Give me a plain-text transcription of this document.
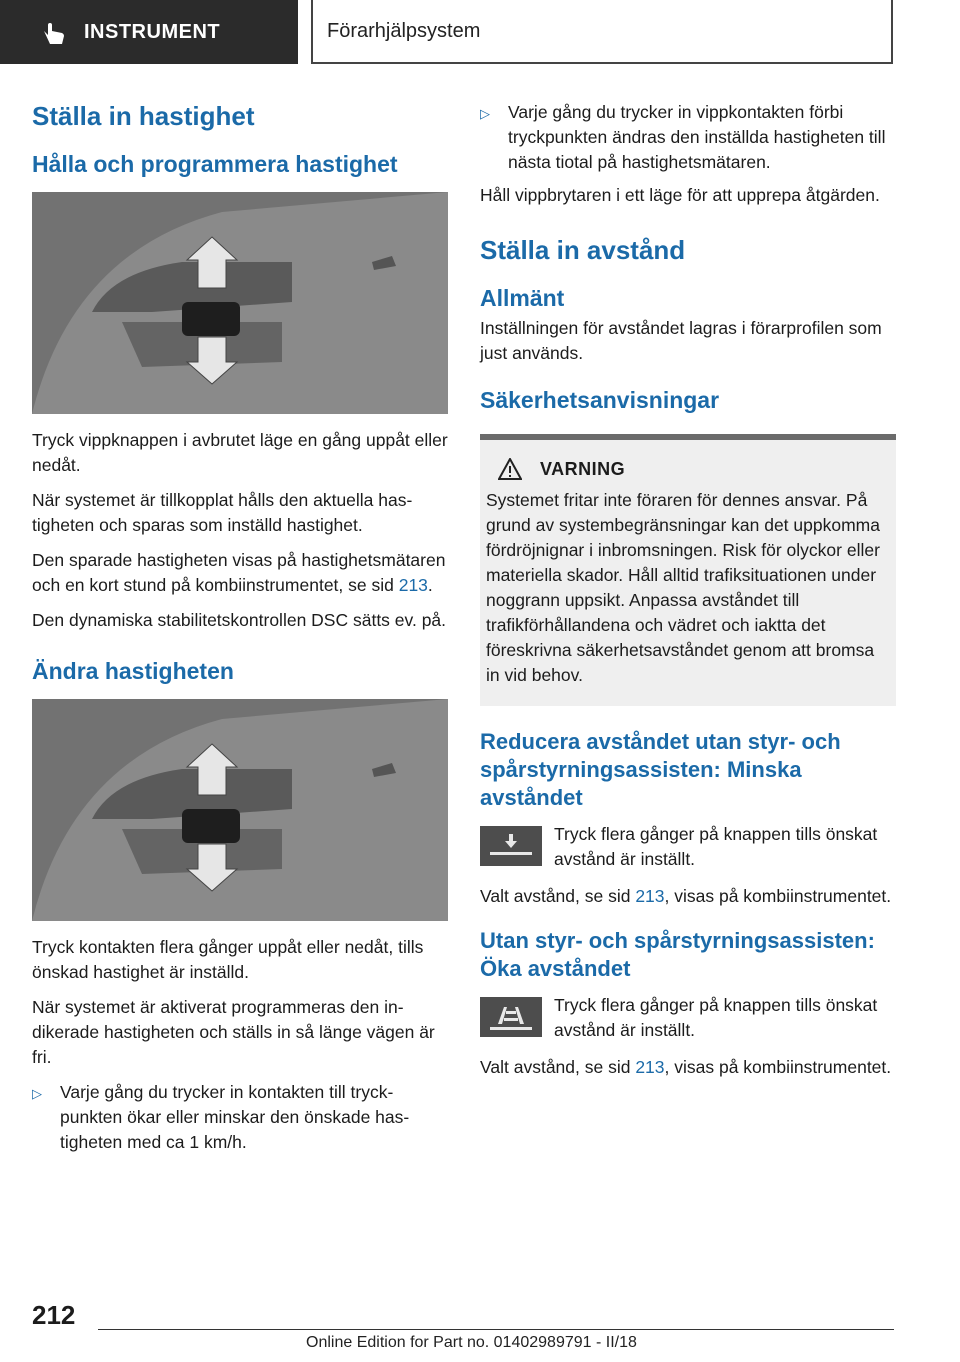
INSTRUMENT	Förarhjälpsystem
Ställa in hastighet
Hålla och programmera hastighet

Tryck vippknappen i avbrutet läge en gång uppåt eller nedåt.

När systemet är tillkopplat hålls den aktuella hastigheten och sparas som inställd hastighet.

Den sparade hastigheten visas på hastighetsmätaren och en kort stund på kombiinstrumentet, se sid 213.

Den dynamiska stabilitetskontrollen DSC sätts ev. på.

Ändra hastigheten

Tryck kontakten flera gånger uppåt eller nedåt, tills önskad hastighet är inställd.

När systemet är aktiverat programmeras den indikerade hastigheten och ställs in så länge vägen är fri.

▷	Varje gång du trycker in kontakten till tryckpunkten ökar eller minskar den önskade hastigheten med ca 1 km/h.
▷	Varje gång du trycker in vippkontakten förbi tryckpunkten ändras den inställda hastigheten till nästa tiotal på hastighetsmätaren.

Håll vippbrytaren i ett läge för att upprepa åtgärden.

Ställa in avstånd
Allmänt

Inställningen för avståndet lagras i förarprofilen som just används.

Säkerhetsanvisningar
VARNING

Systemet fritar inte föraren för dennes ansvar. På grund av systembegränsningar kan det uppkomma fördröjnignar i inbromsningen. Risk för olyckor eller materiella skador. Håll alltid trafiksituationen under noggrann uppsikt. Anpassa avståndet till trafikförhållandena och vädret och iaktta det föreskrivna säkerhetsavståndet genom att bromsa in vid behov.

Reducera avståndet utan styr- och spårstyrningsassisten: Minska avståndet

Tryck flera gånger på knappen tills önskat avstånd är inställt.

Valt avstånd, se sid 213, visas på kombiinstrumentet.

Utan styr- och spårstyrningsassisten: Öka avståndet

Tryck flera gånger på knappen tills önskat avstånd är inställt.

Valt avstånd, se sid 213, visas på kombiinstrumentet.

212
Online Edition for Part no. 01402989791 - II/18
